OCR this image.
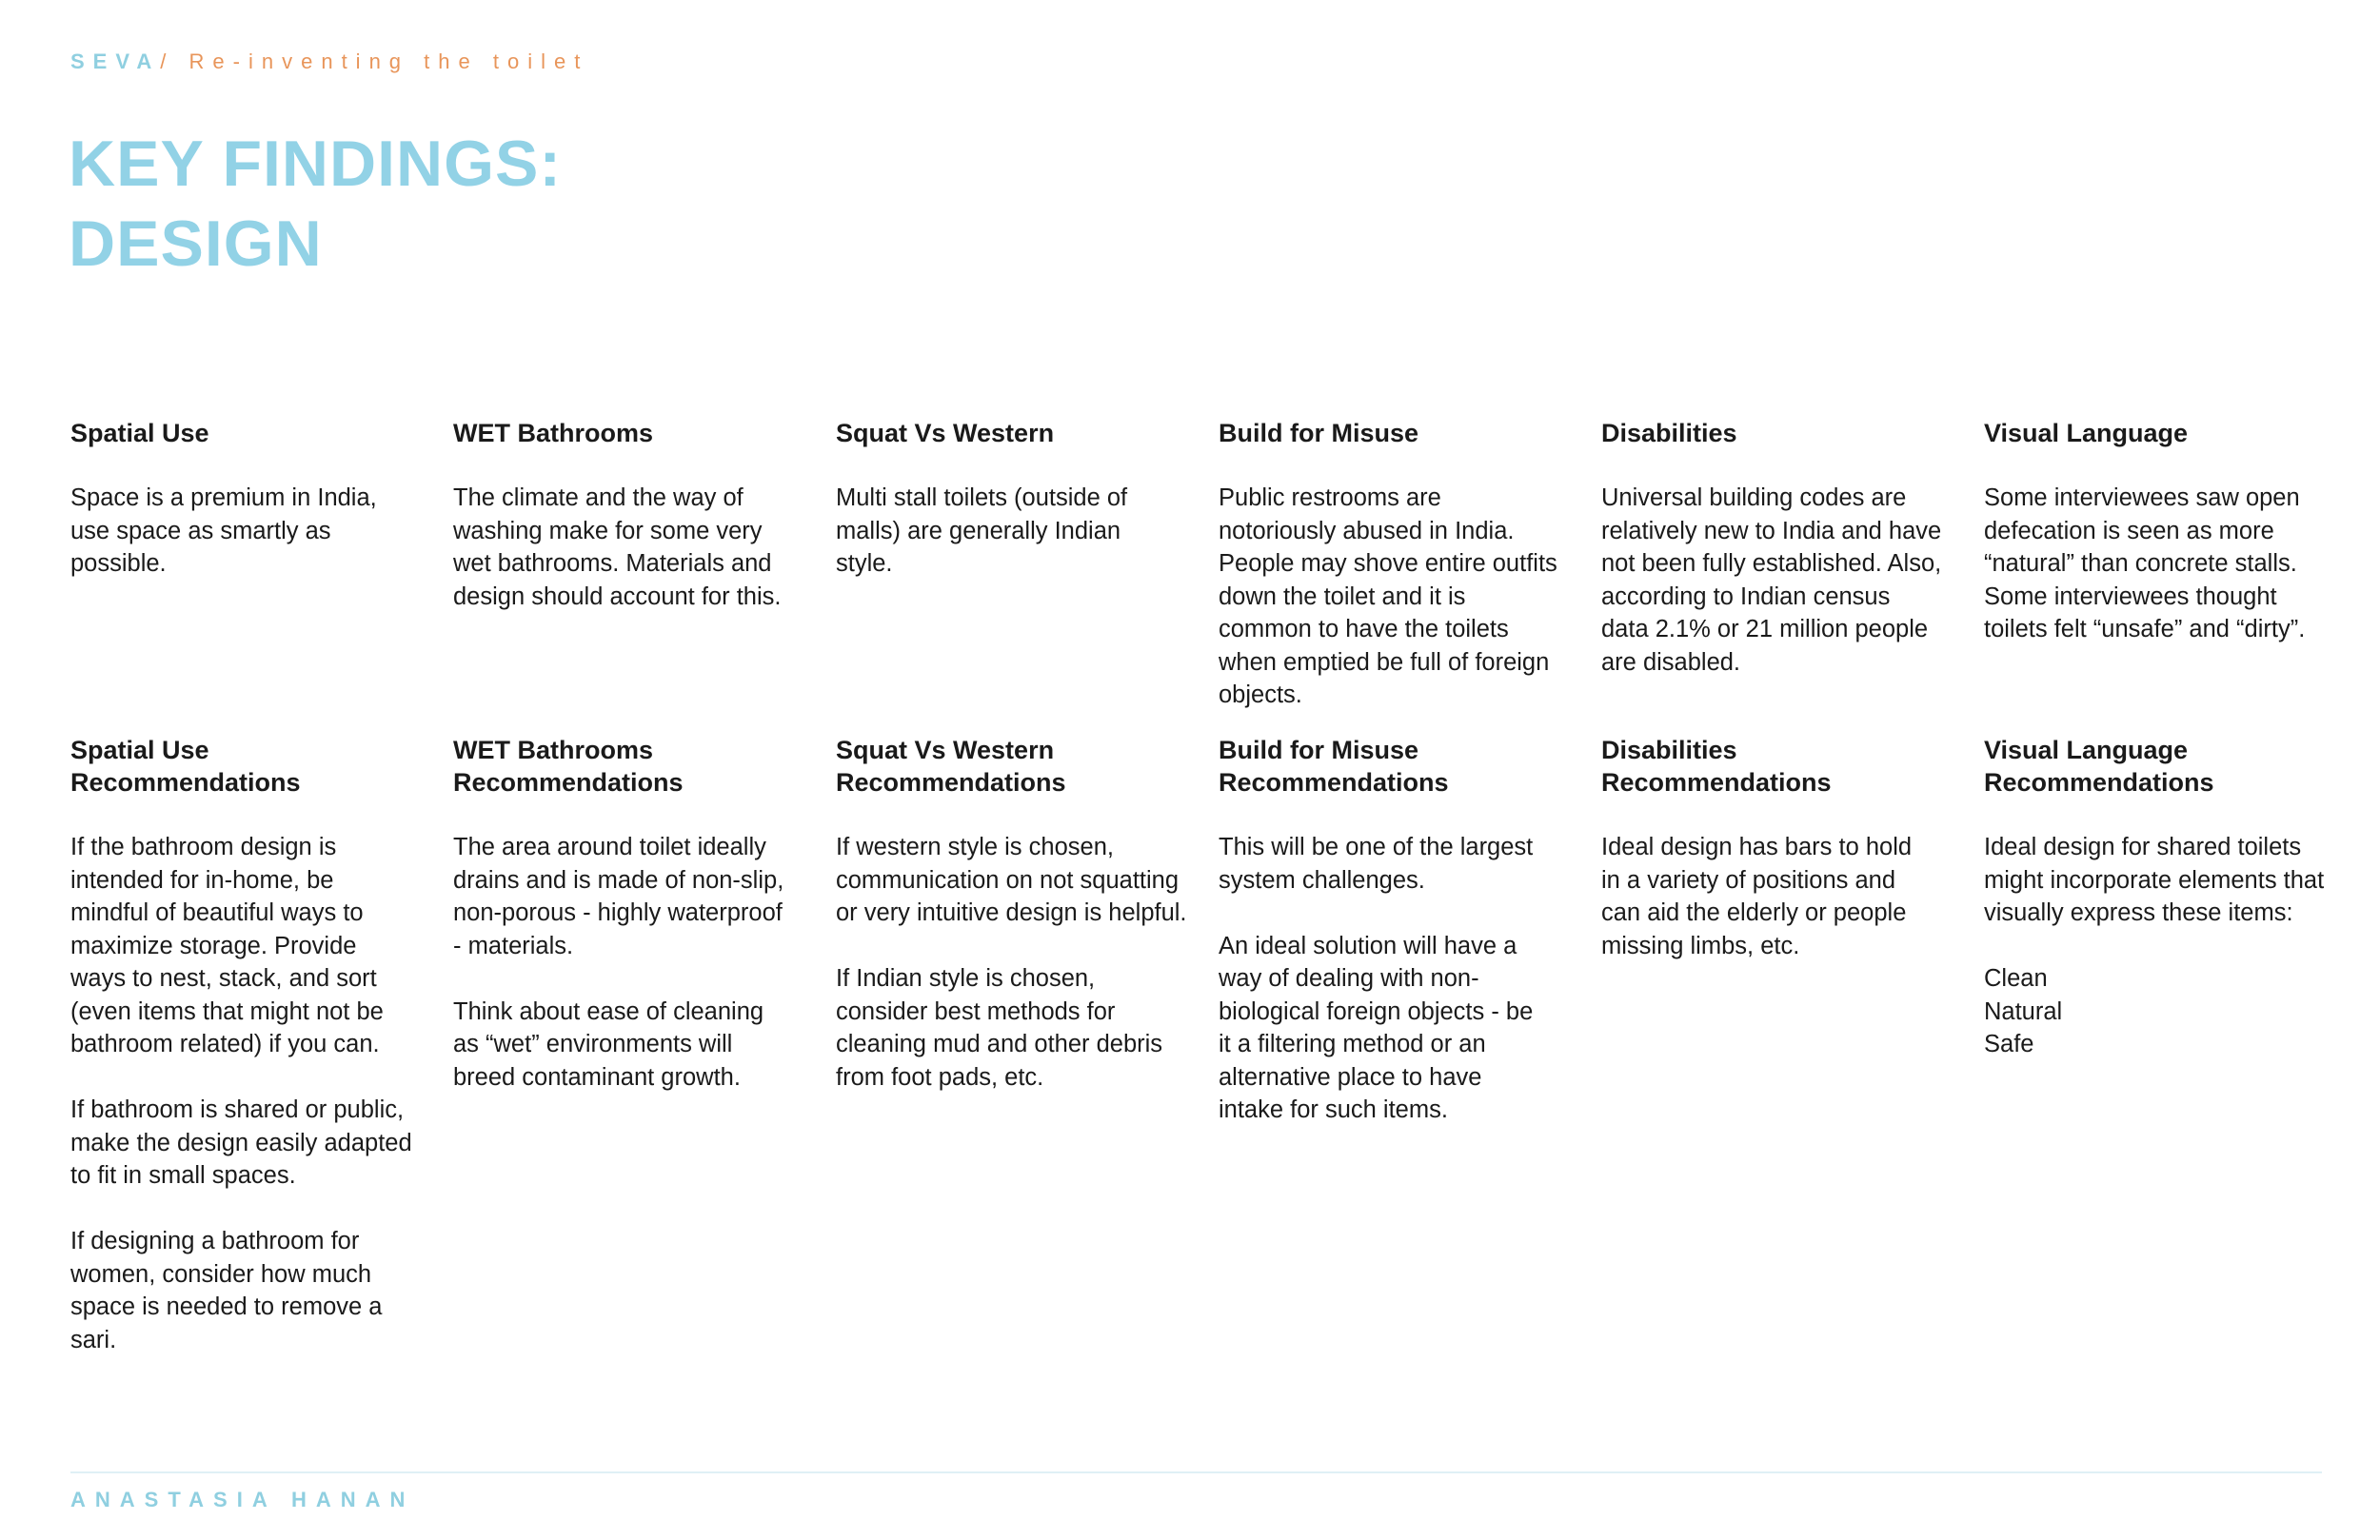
SEVA/ Re-inventing the toilet
KEY FINDINGS:
DESIGN
Spatial Use

Space is a premium in India, use space as smartly as possible.

WET Bathrooms

The climate and the way of washing make for some very wet bathrooms. Materials and design should account for this.

Squat Vs Western

Multi stall toilets (outside of malls) are generally Indian style.

Build for Misuse

Public restrooms are notoriously abused in India. People may shove entire outfits down the toilet and it is common to have the toilets when emptied be full of foreign objects.

Disabilities

Universal building codes are relatively new to India and have not been fully established. Also, according to Indian census data 2.1% or 21 million people are disabled.

Visual Language

Some interviewees saw open defecation is seen as more “natural” than concrete stalls. Some interviewees thought toilets felt “unsafe” and “dirty”.

Spatial Use
Recommendations

If the bathroom design is intended for in-home, be mindful of beautiful ways to maximize storage. Provide ways to nest, stack, and sort (even items that might not be bathroom related) if you can.

If bathroom is shared or public, make the design easily adapted to fit in small spaces.

If designing a bathroom for women, consider how much space is needed to remove a sari.

WET Bathrooms
Recommendations

The area around toilet ideally drains and is made of non-slip, non-porous - highly waterproof - materials.

Think about ease of cleaning as “wet” environments will breed contaminant growth.

Squat Vs Western
Recommendations

If western style is chosen, communication on not squatting or very intuitive design is helpful.

If Indian style is chosen, consider best methods for cleaning mud and other debris from foot pads, etc.

Build for Misuse
Recommendations

This will be one of the largest system challenges.

An ideal solution will have a way of dealing with non-biological foreign objects - be it a filtering method or an alternative place to have intake for such items.

Disabilities
Recommendations

Ideal design has bars to hold in a variety of positions and can aid the elderly or people missing limbs, etc.

Visual Language
Recommendations

Ideal design for shared toilets might incorporate elements that visually express these items:

Clean
Natural
Safe

ANASTASIA HANAN
